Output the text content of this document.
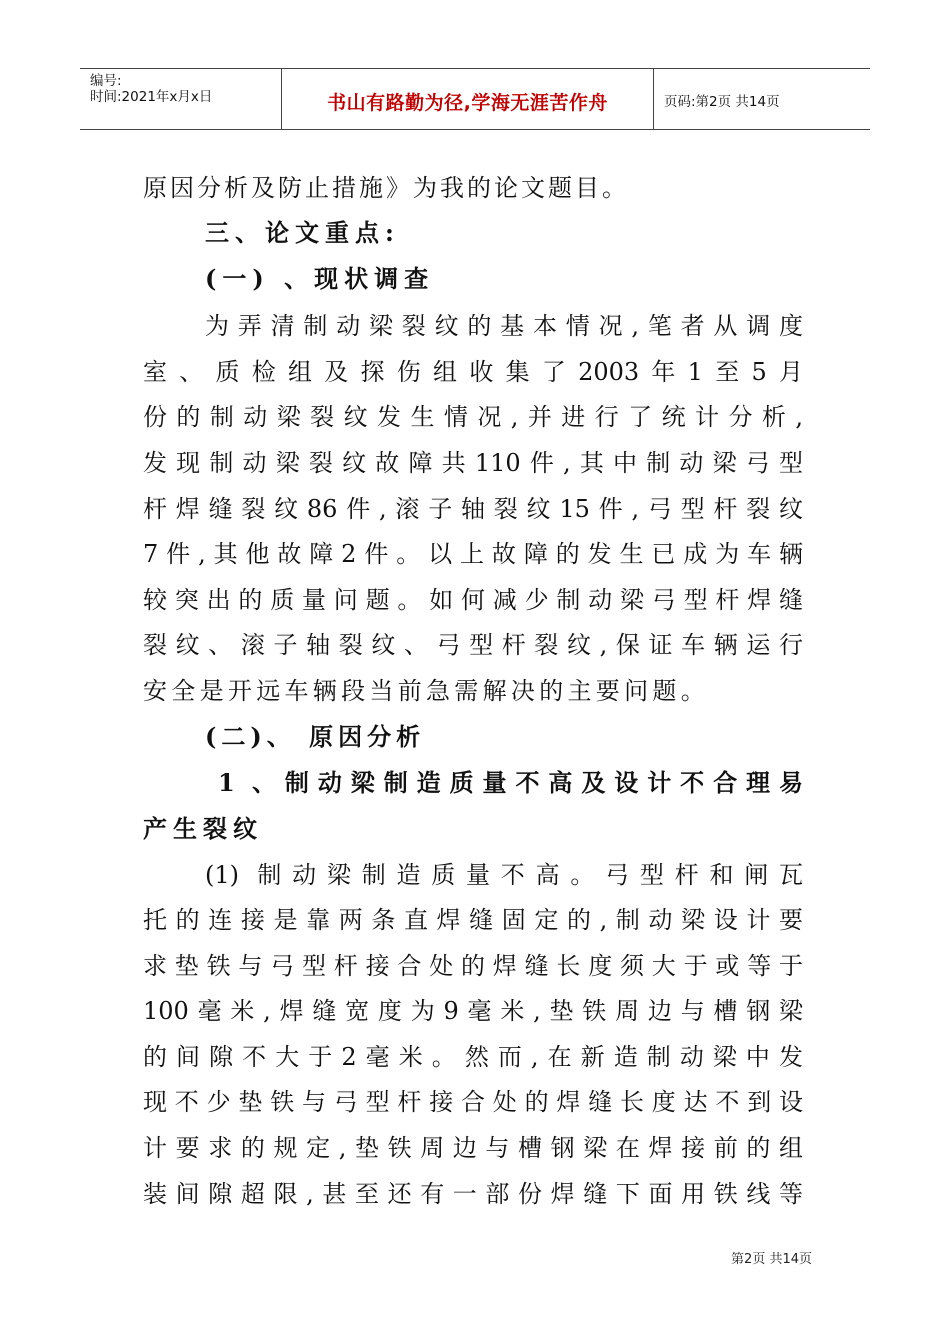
编号:
时间:2021年x月x日	书山有路勤为径,学海无涯苦作舟	页码:第2页 共14页
原因分析及防止措施》为我的论文题目。
三、论文重点:
(一) 、现状调查
为弄清制动梁裂纹的基本情况,笔者从调度
室、质检组及探伤组收集了2003年1至5月
份的制动梁裂纹发生情况,并进行了统计分析,
发现制动梁裂纹故障共110件,其中制动梁弓型
杆焊缝裂纹86件,滚子轴裂纹15件,弓型杆裂纹
7件,其他故障2件。以上故障的发生已成为车辆
较突出的质量问题。如何减少制动梁弓型杆焊缝
裂纹、滚子轴裂纹、弓型杆裂纹,保证车辆运行
安全是开远车辆段当前急需解决的主要问题。
(二)、 原因分析
1 、制动梁制造质量不高及设计不合理易
产生裂纹
(1) 制动梁制造质量不高。弓型杆和闸瓦
托的连接是靠两条直焊缝固定的,制动梁设计要
求垫铁与弓型杆接合处的焊缝长度须大于或等于
100毫米,焊缝宽度为9毫米,垫铁周边与槽钢梁
的间隙不大于2毫米。然而,在新造制动梁中发
现不少垫铁与弓型杆接合处的焊缝长度达不到设
计要求的规定,垫铁周边与槽钢梁在焊接前的组
装间隙超限,甚至还有一部份焊缝下面用铁线等
第2页 共14页
